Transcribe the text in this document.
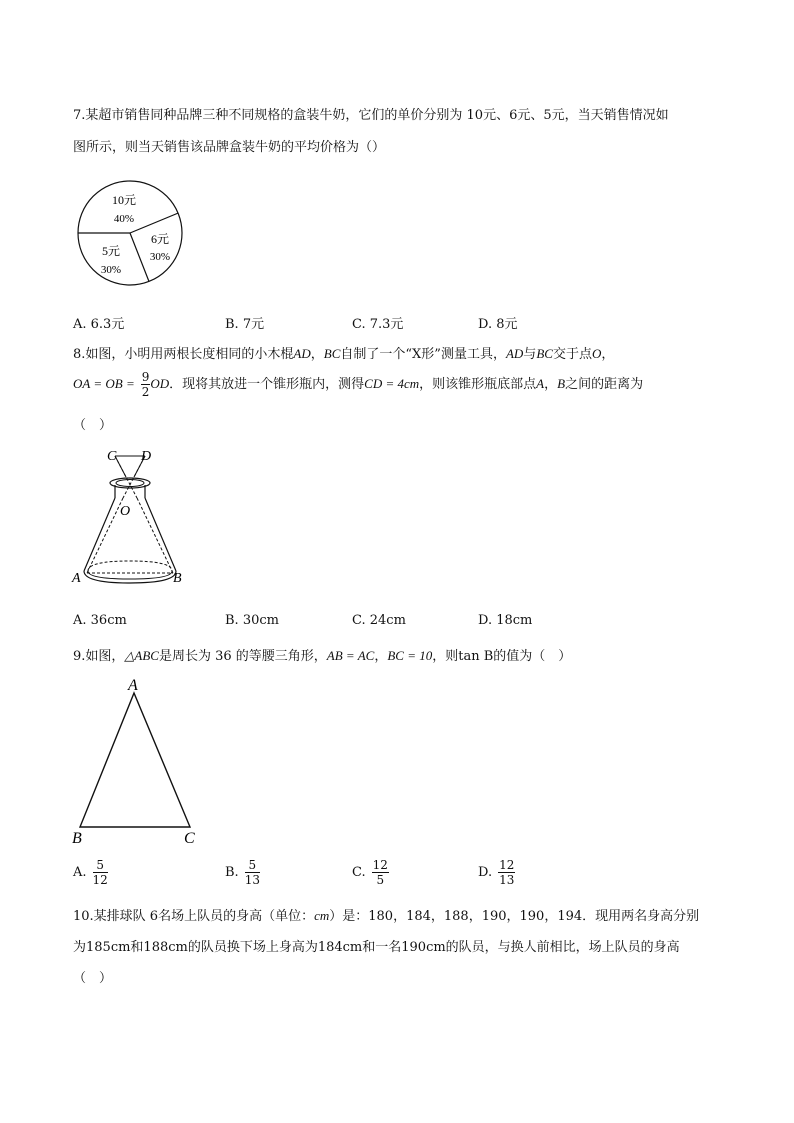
7.某超市销售同种品牌三种不同规格的盒装牛奶，它们的单价分别为 10元、6元、5元，当天销售情况如
图所示，则当天销售该品牌盒装牛奶的平均价格为（）
10元
40%
6元
30%
5元
30%
A. 6.3元	B. 7元	C. 7.3元	D. 8元
8.如图，小明用两根长度相同的小木棍AD，BC自制了一个“X形”测量工具，AD与BC交于点O，
OA = OB = $\frac{9}{2}$ OD．现将其放进一个锥形瓶内，测得CD = 4cm，则该锥形瓶底部点A，B之间的距离为
（　）
C D
O
A	B
A. 36cm	B. 30cm	C. 24cm	D. 18cm
9.如图，△ABC是周长为 36 的等腰三角形，AB = AC，BC = 10，则tan B的值为（　）
A
B	C
A. $\frac{5}{12}$	B. $\frac{5}{13}$	C. $\frac{12}{5}$	D. $\frac{12}{13}$
10.某排球队 6名场上队员的身高（单位：cm）是：180，184，188，190，190，194．现用两名身高分别
为185cm和188cm的队员换下场上身高为184cm和一名190cm的队员，与换人前相比，场上队员的身高
（　）
